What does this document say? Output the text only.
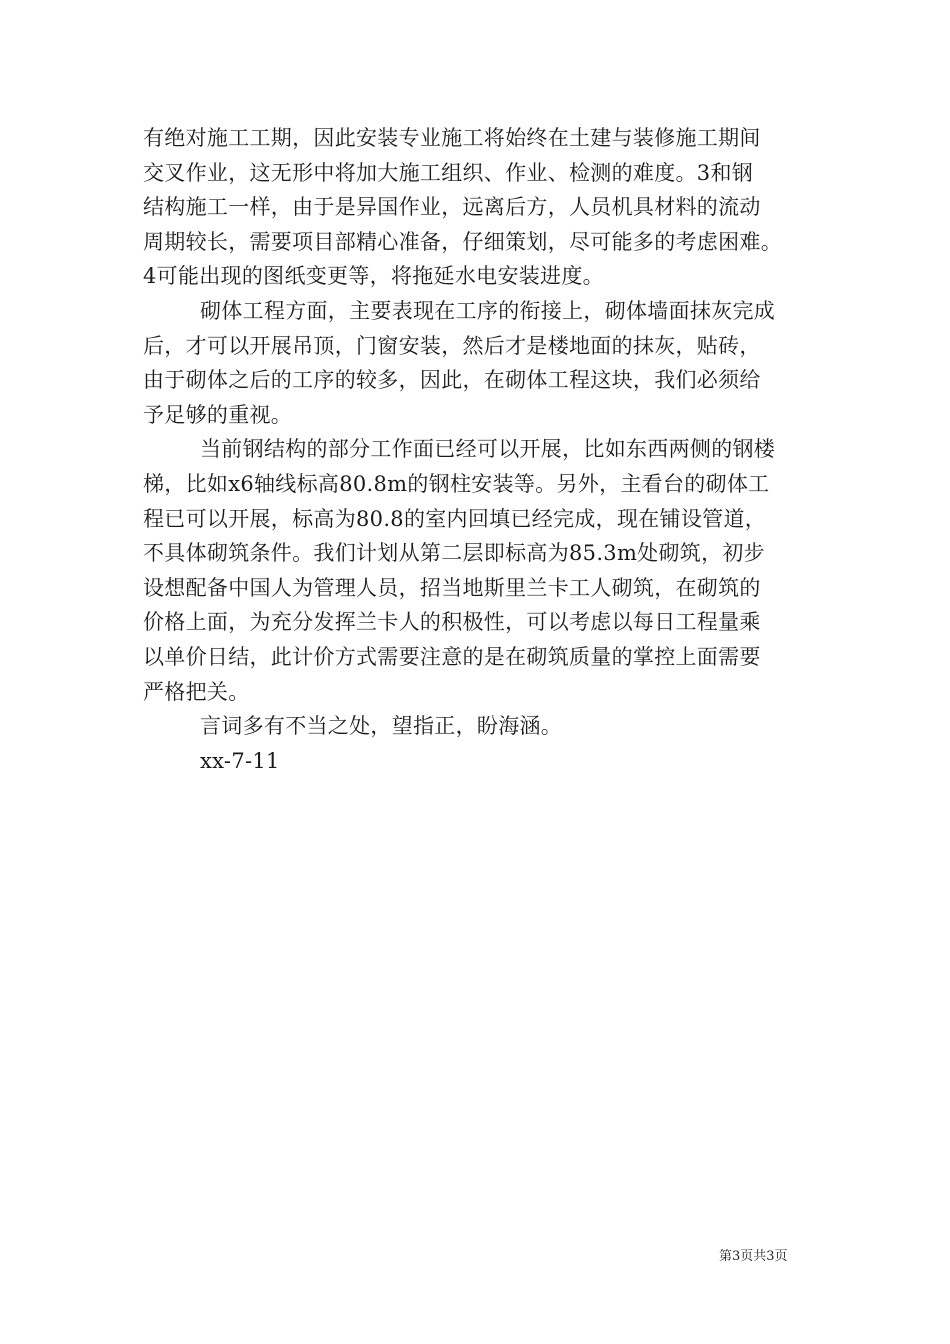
有绝对施工工期，因此安装专业施工将始终在土建与装修施工期间
交叉作业，这无形中将加大施工组织、作业、检测的难度。3和钢
结构施工一样，由于是异国作业，远离后方，人员机具材料的流动
周期较长，需要项目部精心准备，仔细策划，尽可能多的考虑困难。
4可能出现的图纸变更等，将拖延水电安装进度。
砌体工程方面，主要表现在工序的衔接上，砌体墙面抹灰完成
后，才可以开展吊顶，门窗安装，然后才是楼地面的抹灰，贴砖，
由于砌体之后的工序的较多，因此，在砌体工程这块，我们必须给
予足够的重视。
当前钢结构的部分工作面已经可以开展，比如东西两侧的钢楼
梯，比如x6轴线标高80.8m的钢柱安装等。另外，主看台的砌体工
程已可以开展，标高为80.8的室内回填已经完成，现在铺设管道，
不具体砌筑条件。我们计划从第二层即标高为85.3m处砌筑，初步
设想配备中国人为管理人员，招当地斯里兰卡工人砌筑，在砌筑的
价格上面，为充分发挥兰卡人的积极性，可以考虑以每日工程量乘
以单价日结，此计价方式需要注意的是在砌筑质量的掌控上面需要
严格把关。
言词多有不当之处，望指正，盼海涵。
xx-7-11
第3页共3页
